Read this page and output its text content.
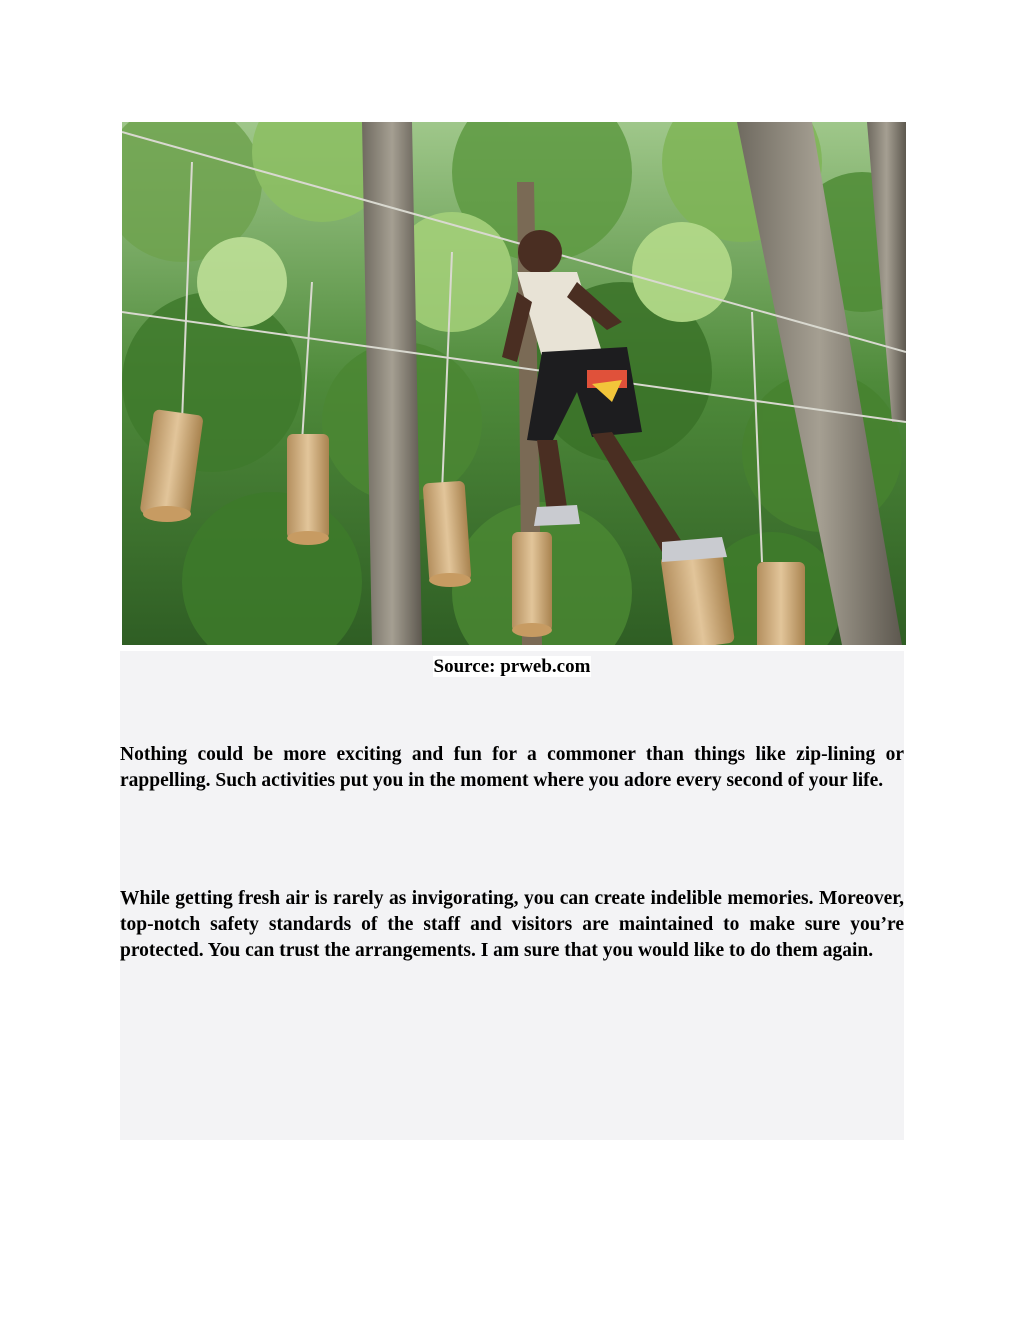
Source: prweb.com

Nothing could be more exciting and fun for a commoner than things like zip-lining or rappelling. Such activities put you in the moment where you adore every second of your life.

While getting fresh air is rarely as invigorating, you can create indelible memories. Moreover, top-notch safety standards of the staff and visitors are maintained to make sure you’re protected. You can trust the arrangements. I am sure that you would like to do them again.
